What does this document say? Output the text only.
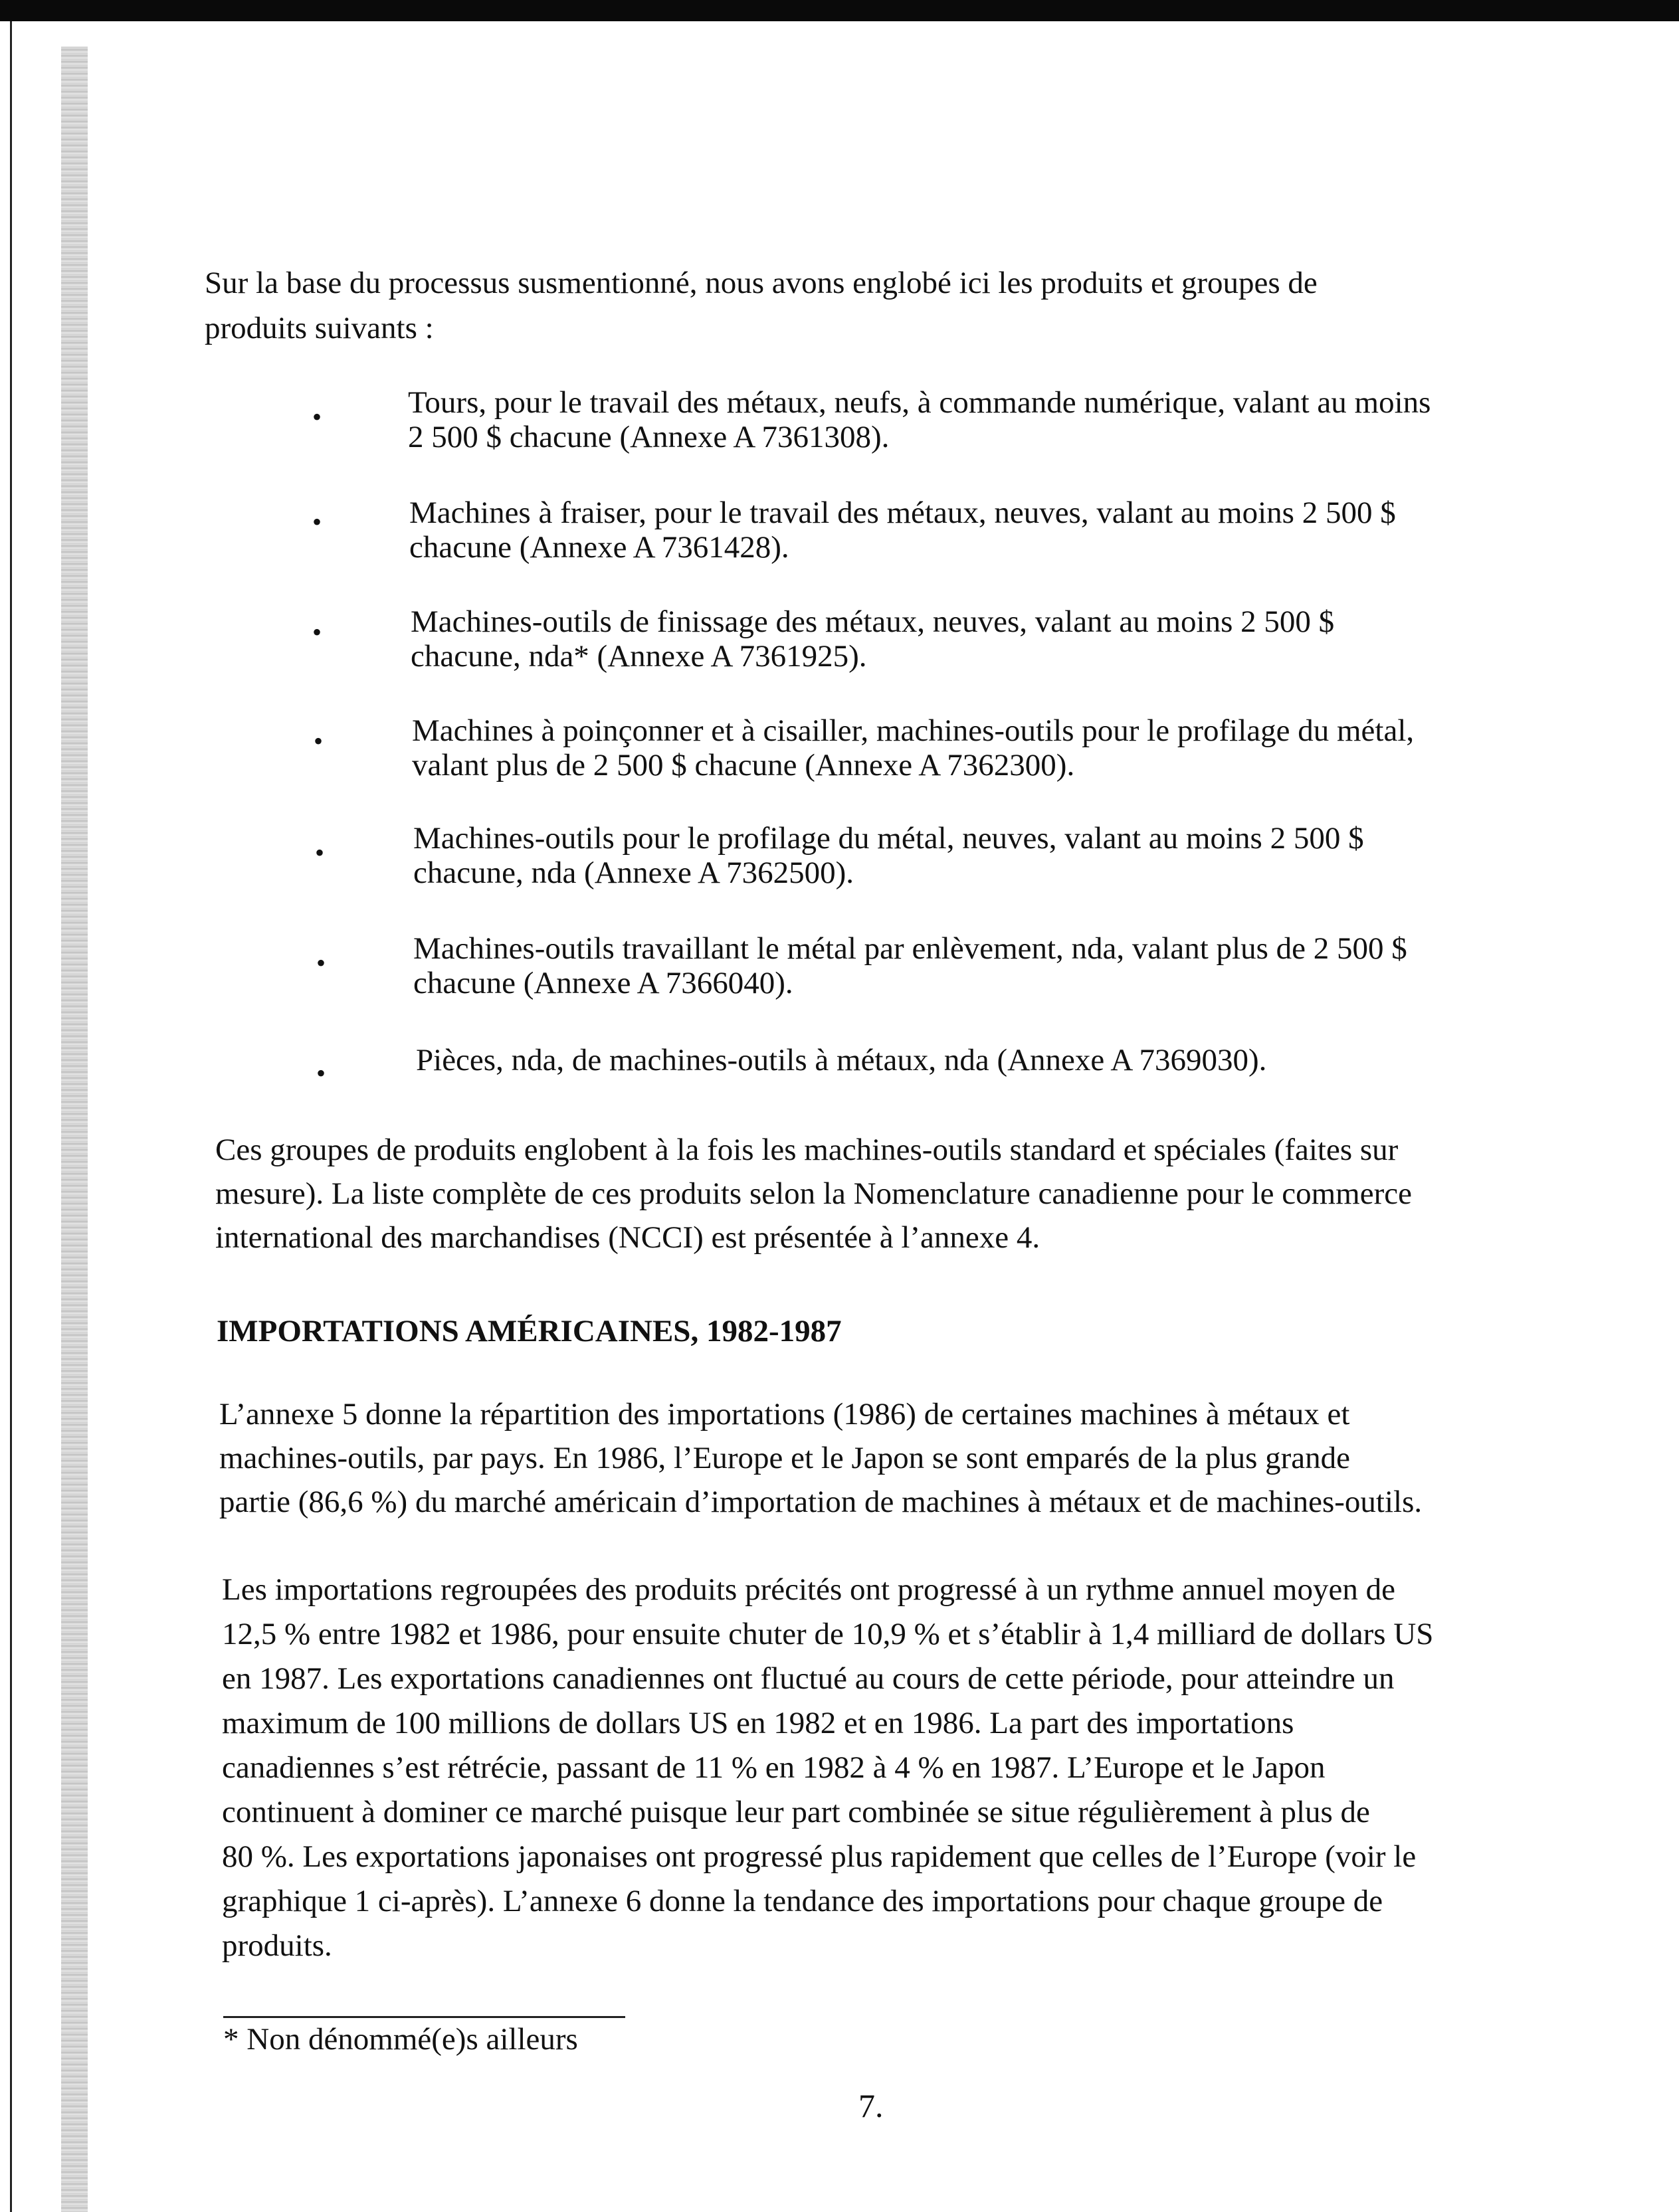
Sur la base du processus susmentionné, nous avons englobé ici les produits et groupes de
produits suivants :

•	Tours, pour le travail des métaux, neufs, à commande numérique, valant au moins
2 500 $ chacune (Annexe A 7361308).

•	Machines à fraiser, pour le travail des métaux, neuves, valant au moins 2 500 $
chacune (Annexe A 7361428).

•	Machines-outils de finissage des métaux, neuves, valant au moins 2 500 $
chacune, nda* (Annexe A 7361925).

•	Machines à poinçonner et à cisailler, machines-outils pour le profilage du métal,
valant plus de 2 500 $ chacune (Annexe A 7362300).

•	Machines-outils pour le profilage du métal, neuves, valant au moins 2 500 $
chacune, nda (Annexe A 7362500).

•	Machines-outils travaillant le métal par enlèvement, nda, valant plus de 2 500 $
chacune (Annexe A 7366040).

•	Pièces, nda, de machines-outils à métaux, nda (Annexe A 7369030).

Ces groupes de produits englobent à la fois les machines-outils standard et spéciales (faites sur
mesure). La liste complète de ces produits selon la Nomenclature canadienne pour le commerce
international des marchandises (NCCI) est présentée à l’annexe 4.

IMPORTATIONS AMÉRICAINES, 1982-1987

L’annexe 5 donne la répartition des importations (1986) de certaines machines à métaux et
machines-outils, par pays. En 1986, l’Europe et le Japon se sont emparés de la plus grande
partie (86,6 %) du marché américain d’importation de machines à métaux et de machines-outils.

Les importations regroupées des produits précités ont progressé à un rythme annuel moyen de
12,5 % entre 1982 et 1986, pour ensuite chuter de 10,9 % et s’établir à 1,4 milliard de dollars US
en 1987. Les exportations canadiennes ont fluctué au cours de cette période, pour atteindre un
maximum de 100 millions de dollars US en 1982 et en 1986. La part des importations
canadiennes s’est rétrécie, passant de 11 % en 1982 à 4 % en 1987. L’Europe et le Japon
continuent à dominer ce marché puisque leur part combinée se situe régulièrement à plus de
80 %. Les exportations japonaises ont progressé plus rapidement que celles de l’Europe (voir le
graphique 1 ci-après). L’annexe 6 donne la tendance des importations pour chaque groupe de
produits.

* Non dénommé(e)s ailleurs

7.
